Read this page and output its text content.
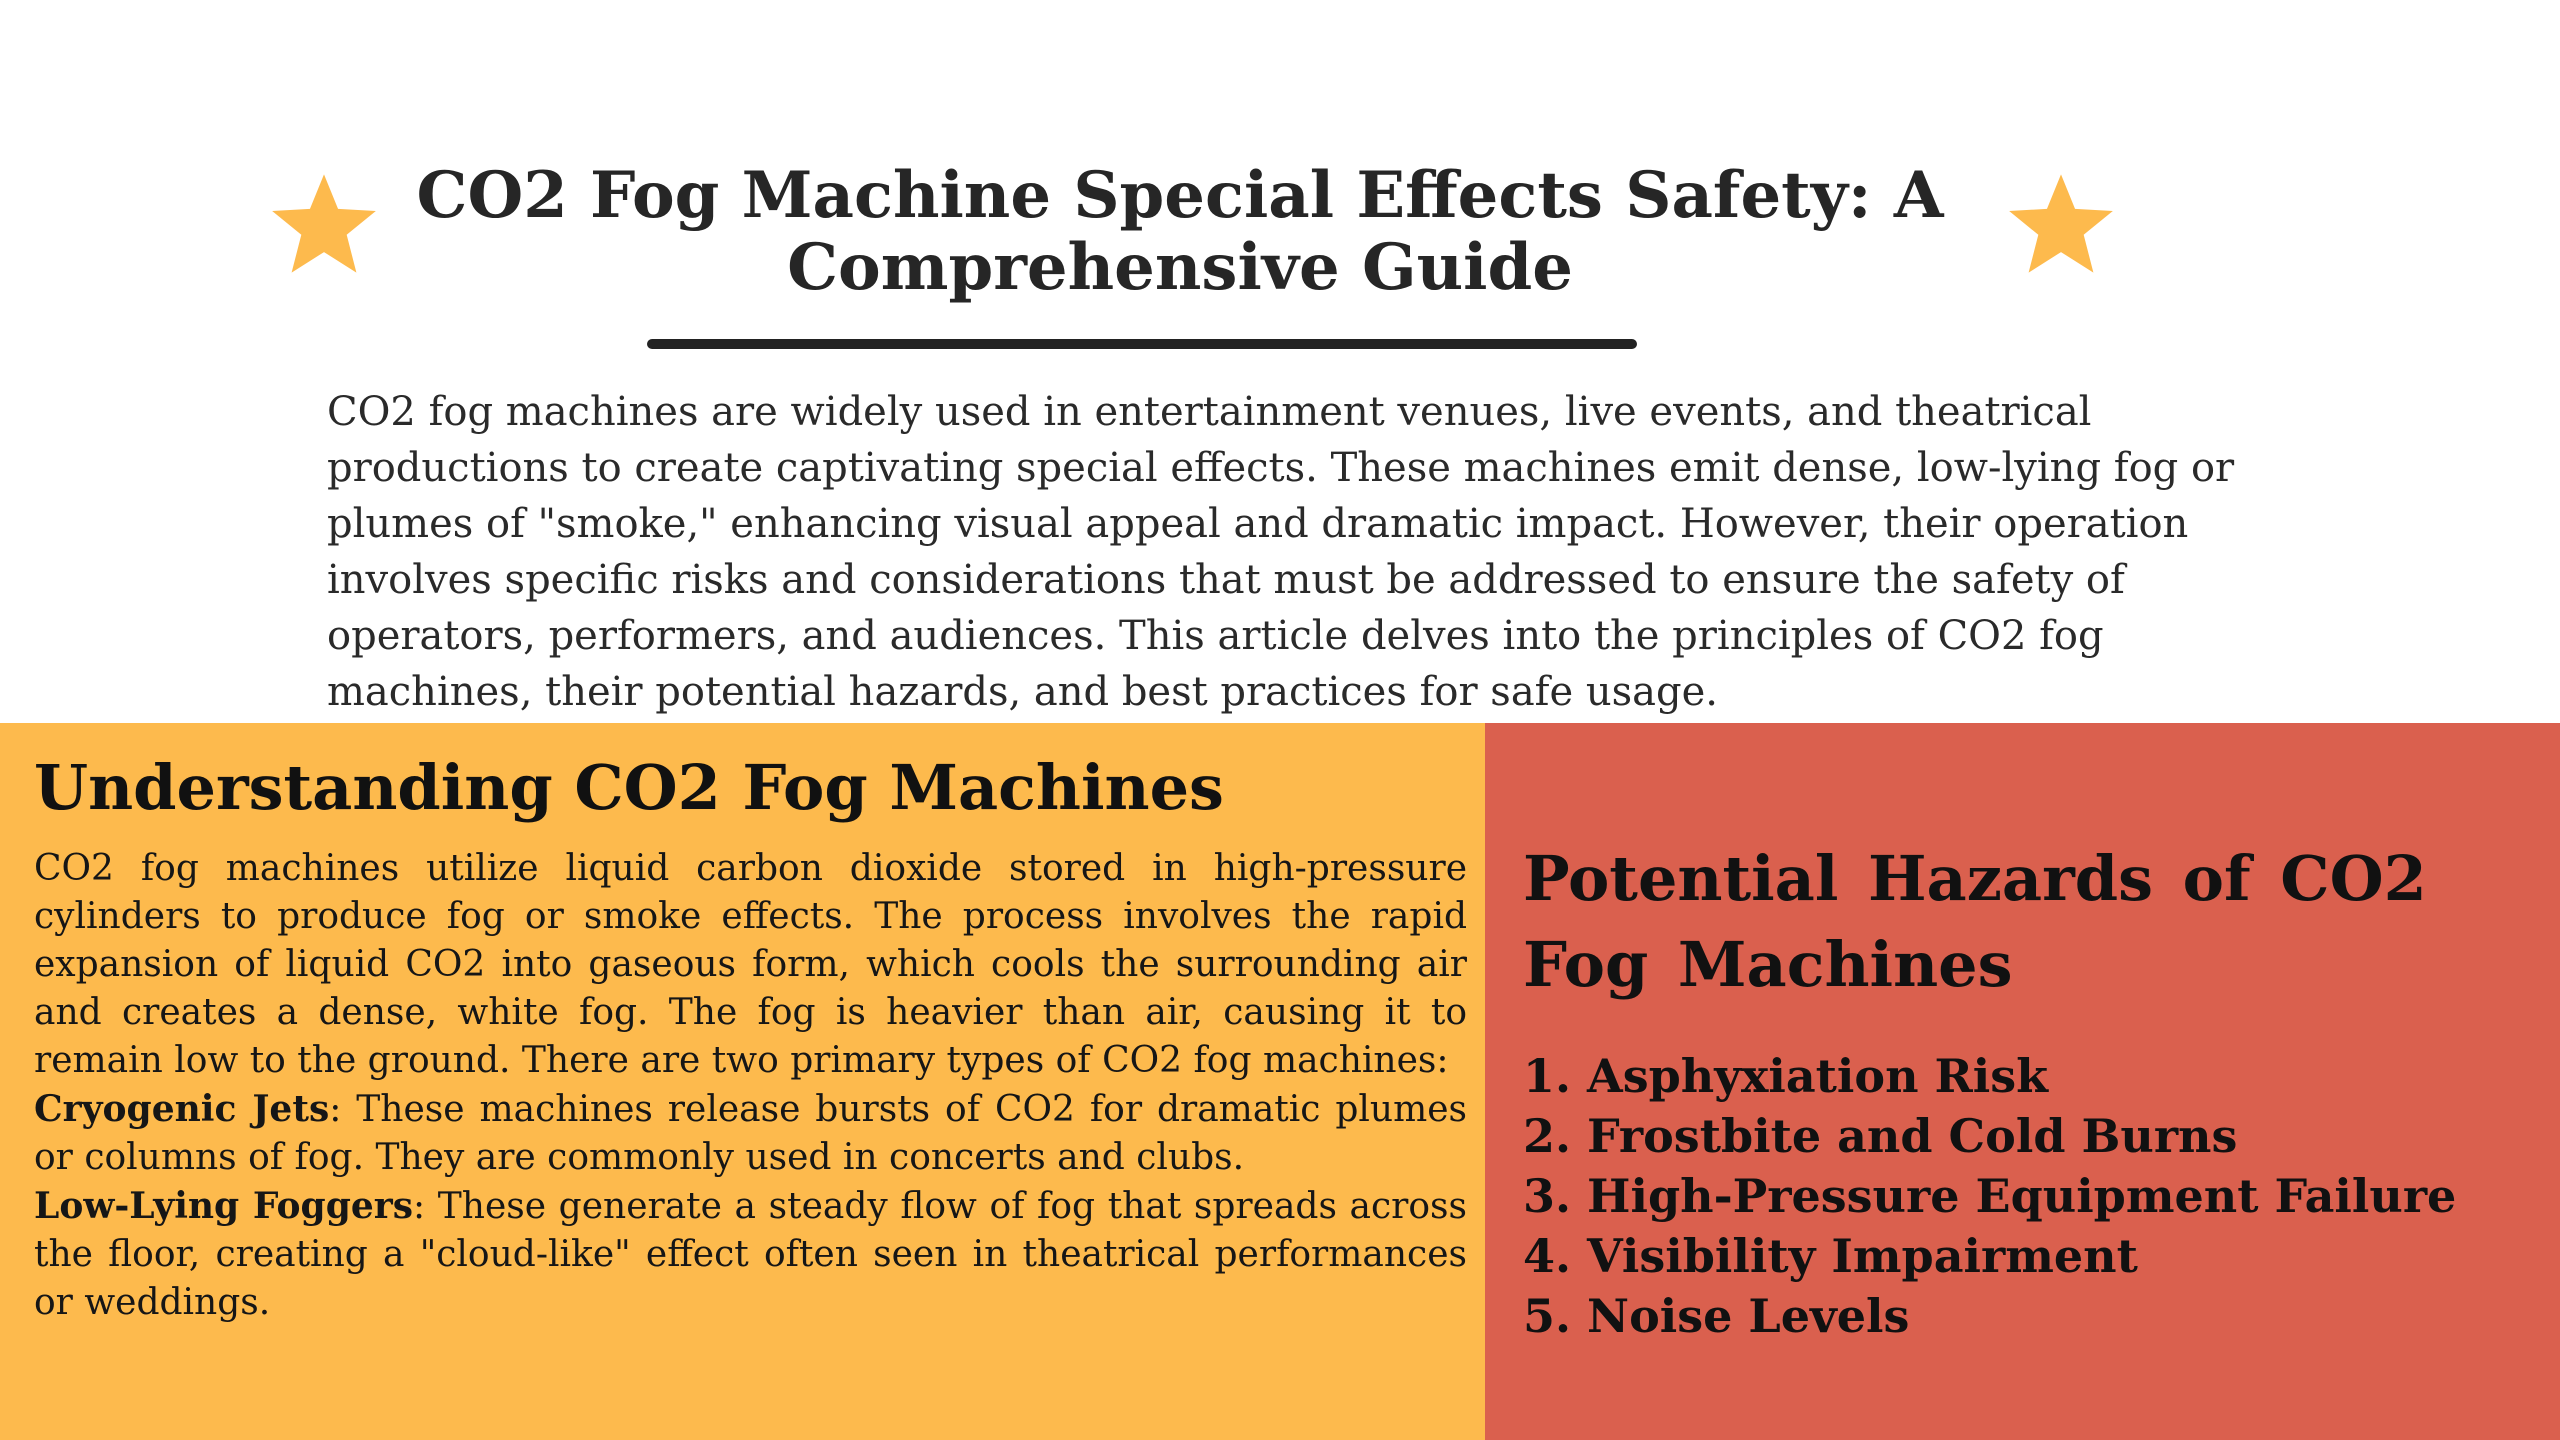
CO2 Fog Machine Special Effects Safety: A Comprehensive Guide

CO2 fog machines are widely used in entertainment venues, live events, and theatrical productions to create captivating special effects. These machines emit dense, low-lying fog or plumes of "smoke," enhancing visual appeal and dramatic impact. However, their operation involves specific risks and considerations that must be addressed to ensure the safety of operators, performers, and audiences. This article delves into the principles of CO2 fog machines, their potential hazards, and best practices for safe usage.

Understanding CO2 Fog Machines

CO2 fog machines utilize liquid carbon dioxide stored in high-pressure cylinders to produce fog or smoke effects. The process involves the rapid expansion of liquid CO2 into gaseous form, which cools the surrounding air and creates a dense, white fog. The fog is heavier than air, causing it to remain low to the ground. There are two primary types of CO2 fog machines:

Cryogenic Jets: These machines release bursts of CO2 for dramatic plumes or columns of fog. They are commonly used in concerts and clubs.

Low-Lying Foggers: These generate a steady flow of fog that spreads across the floor, creating a "cloud-like" effect often seen in theatrical performances or weddings.

Potential Hazards of CO2 Fog Machines
1. Asphyxiation Risk
2. Frostbite and Cold Burns
3. High-Pressure Equipment Failure
4. Visibility Impairment
5. Noise Levels
